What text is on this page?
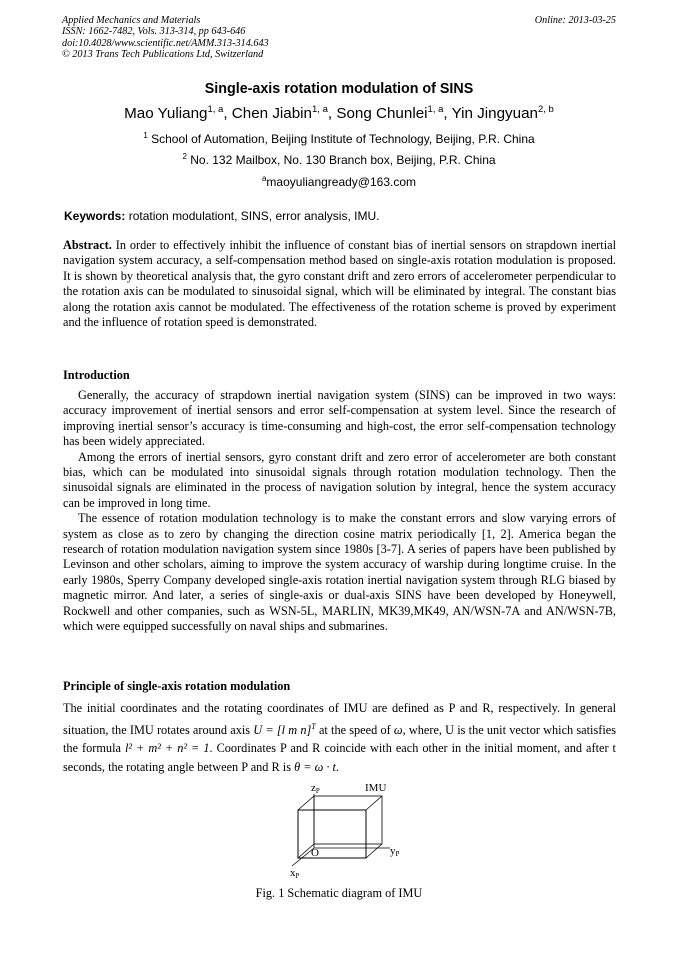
Applied Mechanics and Materials
ISSN: 1662-7482, Vols. 313-314, pp 643-646
doi:10.4028/www.scientific.net/AMM.313-314.643
© 2013 Trans Tech Publications Ltd, Switzerland
Online: 2013-03-25
Single-axis rotation modulation of SINS
Mao Yuliang$^{1, a}$, Chen Jiabin$^{1, a}$, Song Chunlei$^{1, a}$, Yin Jingyuan$^{2, b}$
$^1$ School of Automation, Beijing Institute of Technology, Beijing, P.R. China
$^2$ No. 132 Mailbox, No. 130 Branch box, Beijing, P.R. China
$^a$maoyuliangready@163.com
Keywords: rotation modulationt, SINS, error analysis, IMU.

Abstract. In order to effectively inhibit the influence of constant bias of inertial sensors on strapdown inertial navigation system accuracy, a self-compensation method based on single-axis rotation modulation is proposed. It is shown by theoretical analysis that, the gyro constant drift and zero errors of accelerometer perpendicular to the rotation axis can be modulated to sinusoidal signal, which will be eliminated by integral. The constant bias along the rotation axis cannot be modulated. The effectiveness of the rotation scheme is proved by experiment and the influence of rotation speed is demonstrated.

Introduction

Generally, the accuracy of strapdown inertial navigation system (SINS) can be improved in two ways: accuracy improvement of inertial sensors and error self-compensation at system level. Since the research of improving inertial sensor’s accuracy is time-consuming and high-cost, the error self-compensation technology has been widely appreciated.

Among the errors of inertial sensors, gyro constant drift and zero error of accelerometer are both constant bias, which can be modulated into sinusoidal signals through rotation modulation technology. Then the sinusoidal signals are eliminated in the process of navigation solution by integral, hence the system accuracy can be improved in long time.

The essence of rotation modulation technology is to make the constant errors and slow varying errors of system as close as to zero by changing the direction cosine matrix periodically [1, 2]. America began the research of rotation modulation navigation system since 1980s [3-7]. A series of papers have been published by Levinson and other scholars, aiming to improve the system accuracy of warship during longtime cruise. In the early 1980s, Sperry Company developed single-axis rotation inertial navigation system through RLG biased by magnetic mirror. And later, a series of single-axis or dual-axis SINS have been developed by Honeywell, Rockwell and other companies, such as WSN-5L, MARLIN, MK39,MK49, AN/WSN-7A and AN/WSN-7B, which were equipped successfully on naval ships and submarines.

Principle of single-axis rotation modulation

The initial coordinates and the rotating coordinates of IMU are defined as P and R, respectively. In general situation, the IMU rotates around axis U = [l m n]$^T$ at the speed of ω, where, U is the unit vector which satisfies the formula l² + m² + n² = 1. Coordinates P and R coincide with each other in the initial moment, and after t seconds, the rotating angle between P and R is θ = ω · t.

zP	IMU
O	yP
xP
Fig. 1 Schematic diagram of IMU
